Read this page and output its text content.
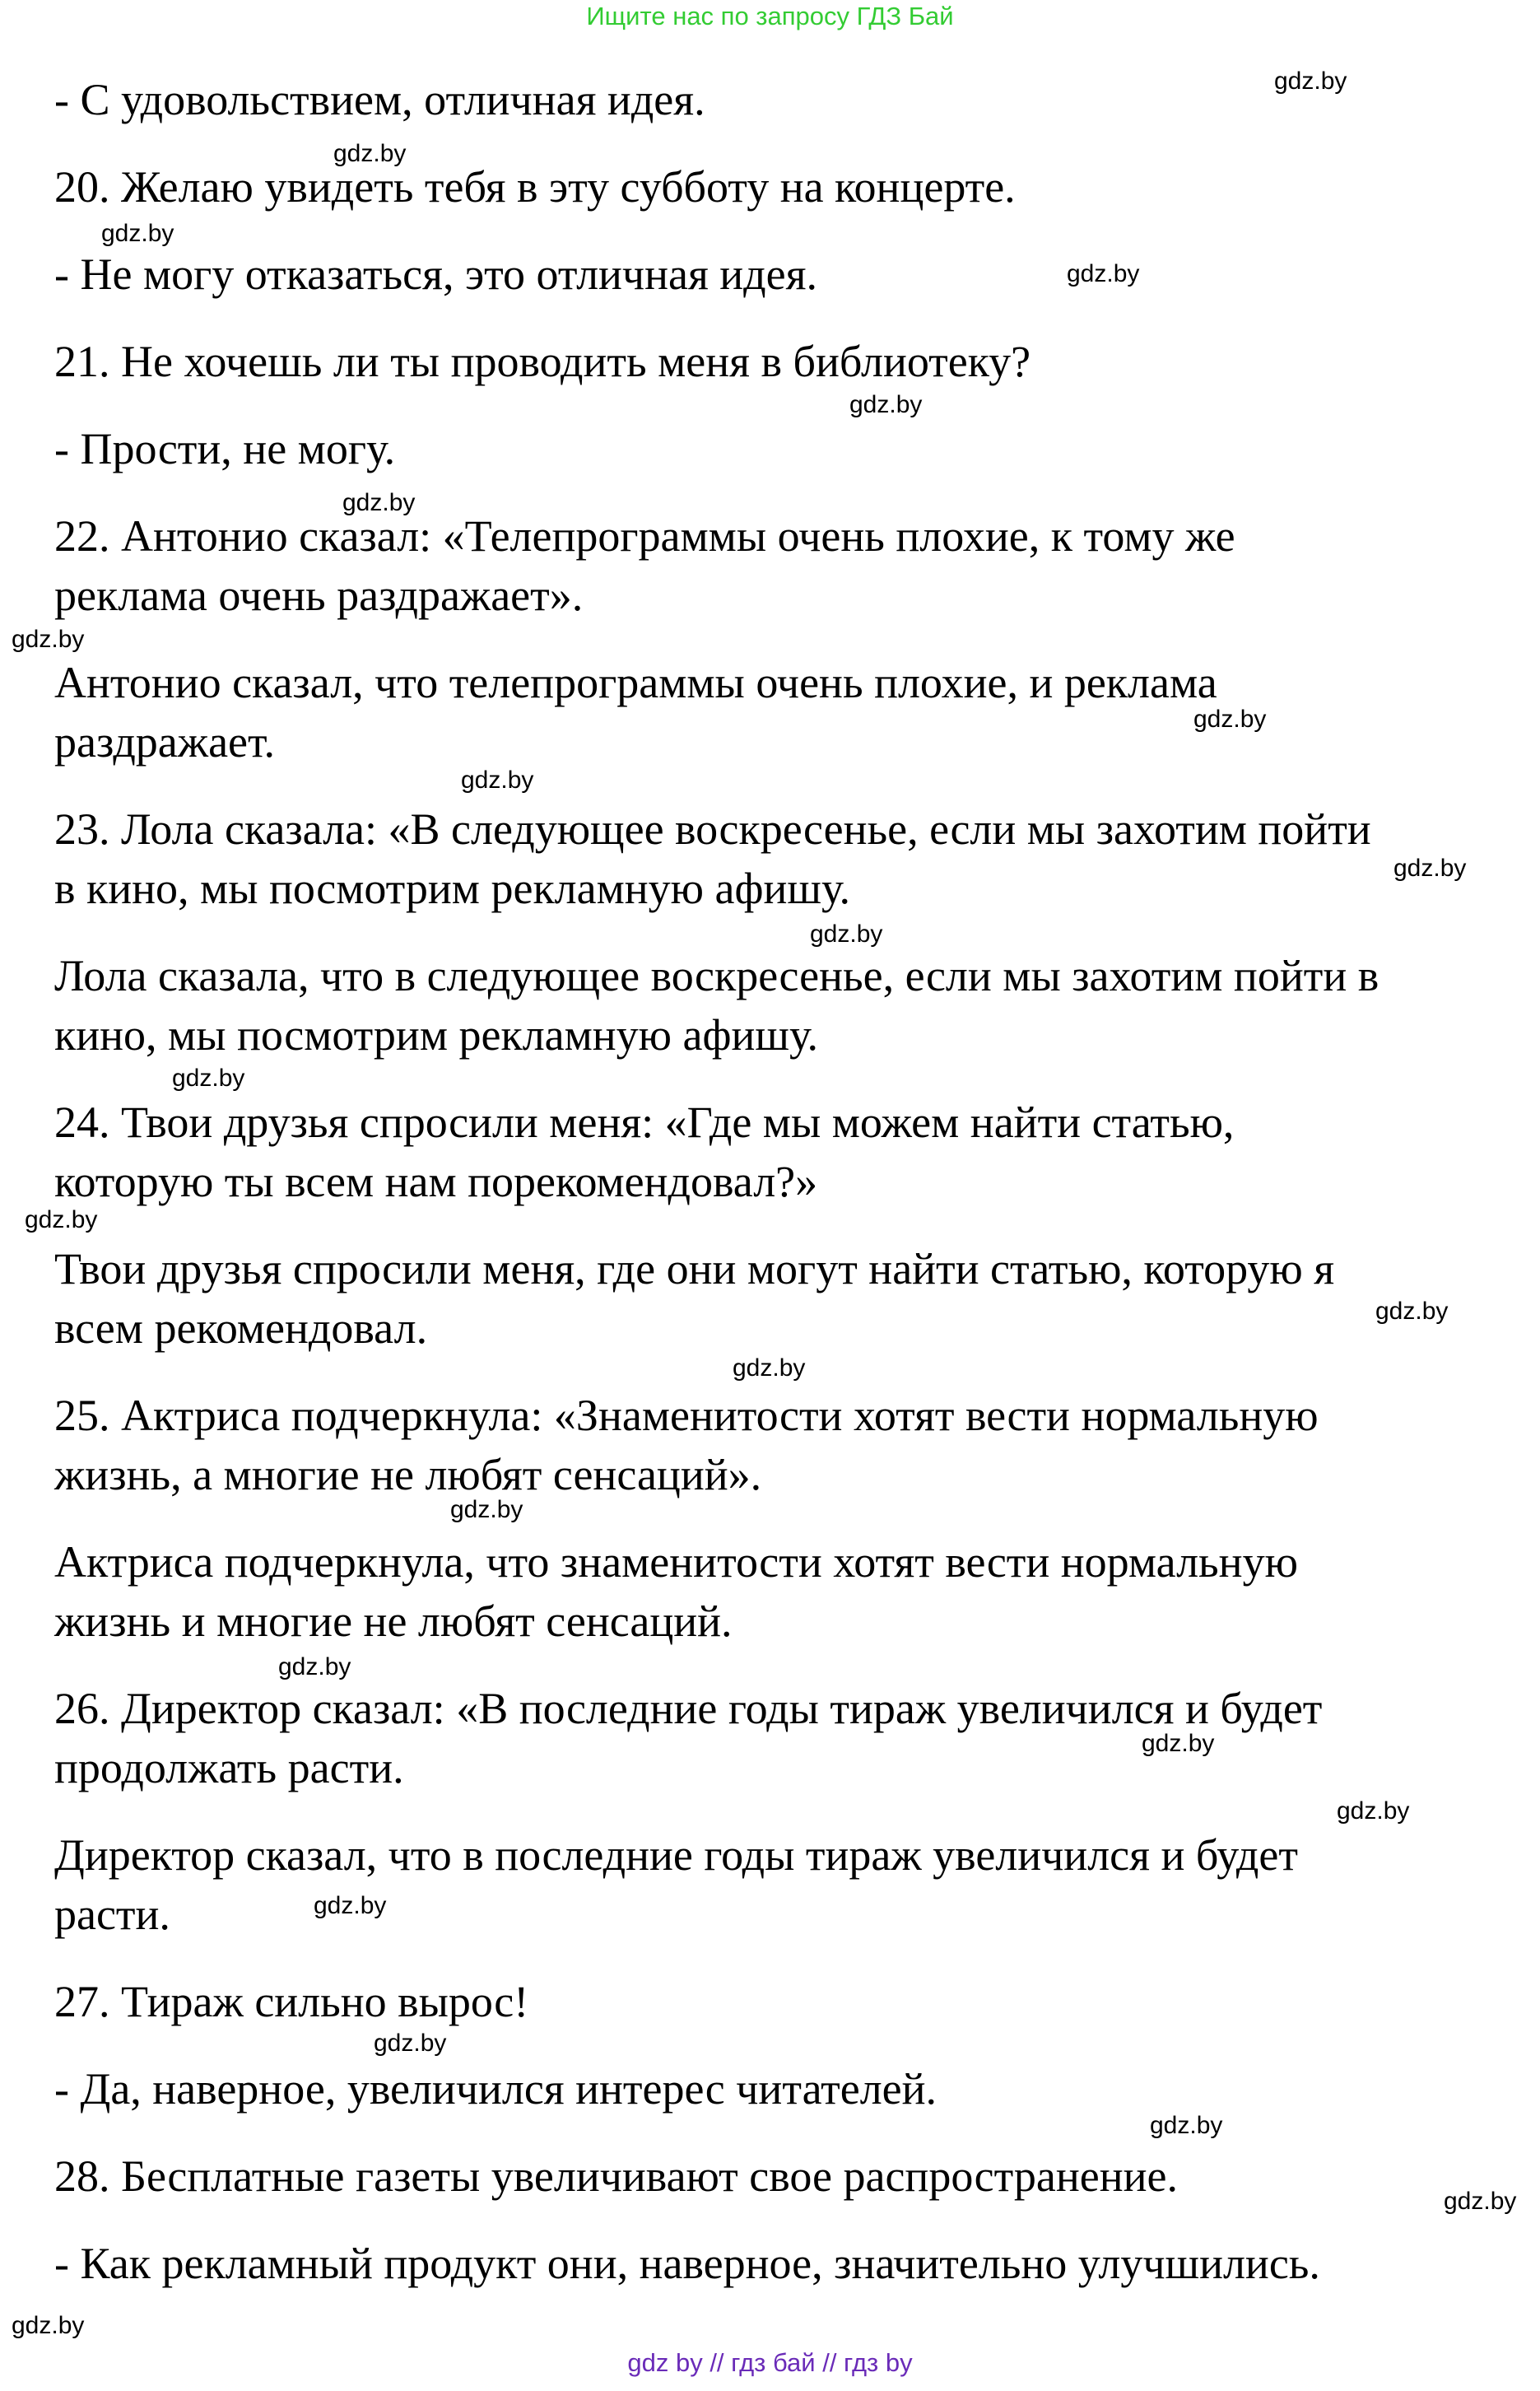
Ищите нас по запросу ГДЗ Бай
- С удовольствием, отличная идея.
20. Желаю увидеть тебя в эту субботу на концерте.
- Не могу отказаться, это отличная идея.
21. Не хочешь ли ты проводить меня в библиотеку?
- Прости, не могу.
22. Антонио сказал: «Телепрограммы очень плохие, к тому же
реклама очень раздражает».
Антонио сказал, что телепрограммы очень плохие, и реклама
раздражает.
23. Лола сказала: «В следующее воскресенье, если мы захотим пойти
в кино, мы посмотрим рекламную афишу.
Лола сказала, что в следующее воскресенье, если мы захотим пойти в
кино, мы посмотрим рекламную афишу.
24. Твои друзья спросили меня: «Где мы можем найти статью,
которую ты всем нам порекомендовал?»
Твои друзья спросили меня, где они могут найти статью, которую я
всем рекомендовал.
25. Актриса подчеркнула: «Знаменитости хотят вести нормальную
жизнь, а многие не любят сенсаций».
Актриса подчеркнула, что знаменитости хотят вести нормальную
жизнь и многие не любят сенсаций.
26. Директор сказал: «В последние годы тираж увеличился и будет
продолжать расти.
Директор сказал, что в последние годы тираж увеличился и будет
расти.
27. Тираж сильно вырос!
- Да, наверное, увеличился интерес читателей.
28. Бесплатные газеты увеличивают свое распространение.
- Как рекламный продукт они, наверное, значительно улучшились.
gdz.by
gdz.by
gdz.by
gdz.by
gdz.by
gdz.by
gdz.by
gdz.by
gdz.by
gdz.by
gdz.by
gdz.by
gdz.by
gdz.by
gdz.by
gdz.by
gdz.by
gdz.by
gdz.by
gdz.by
gdz.by
gdz.by
gdz.by
gdz.by
gdz by // гдз бай // гдз by
